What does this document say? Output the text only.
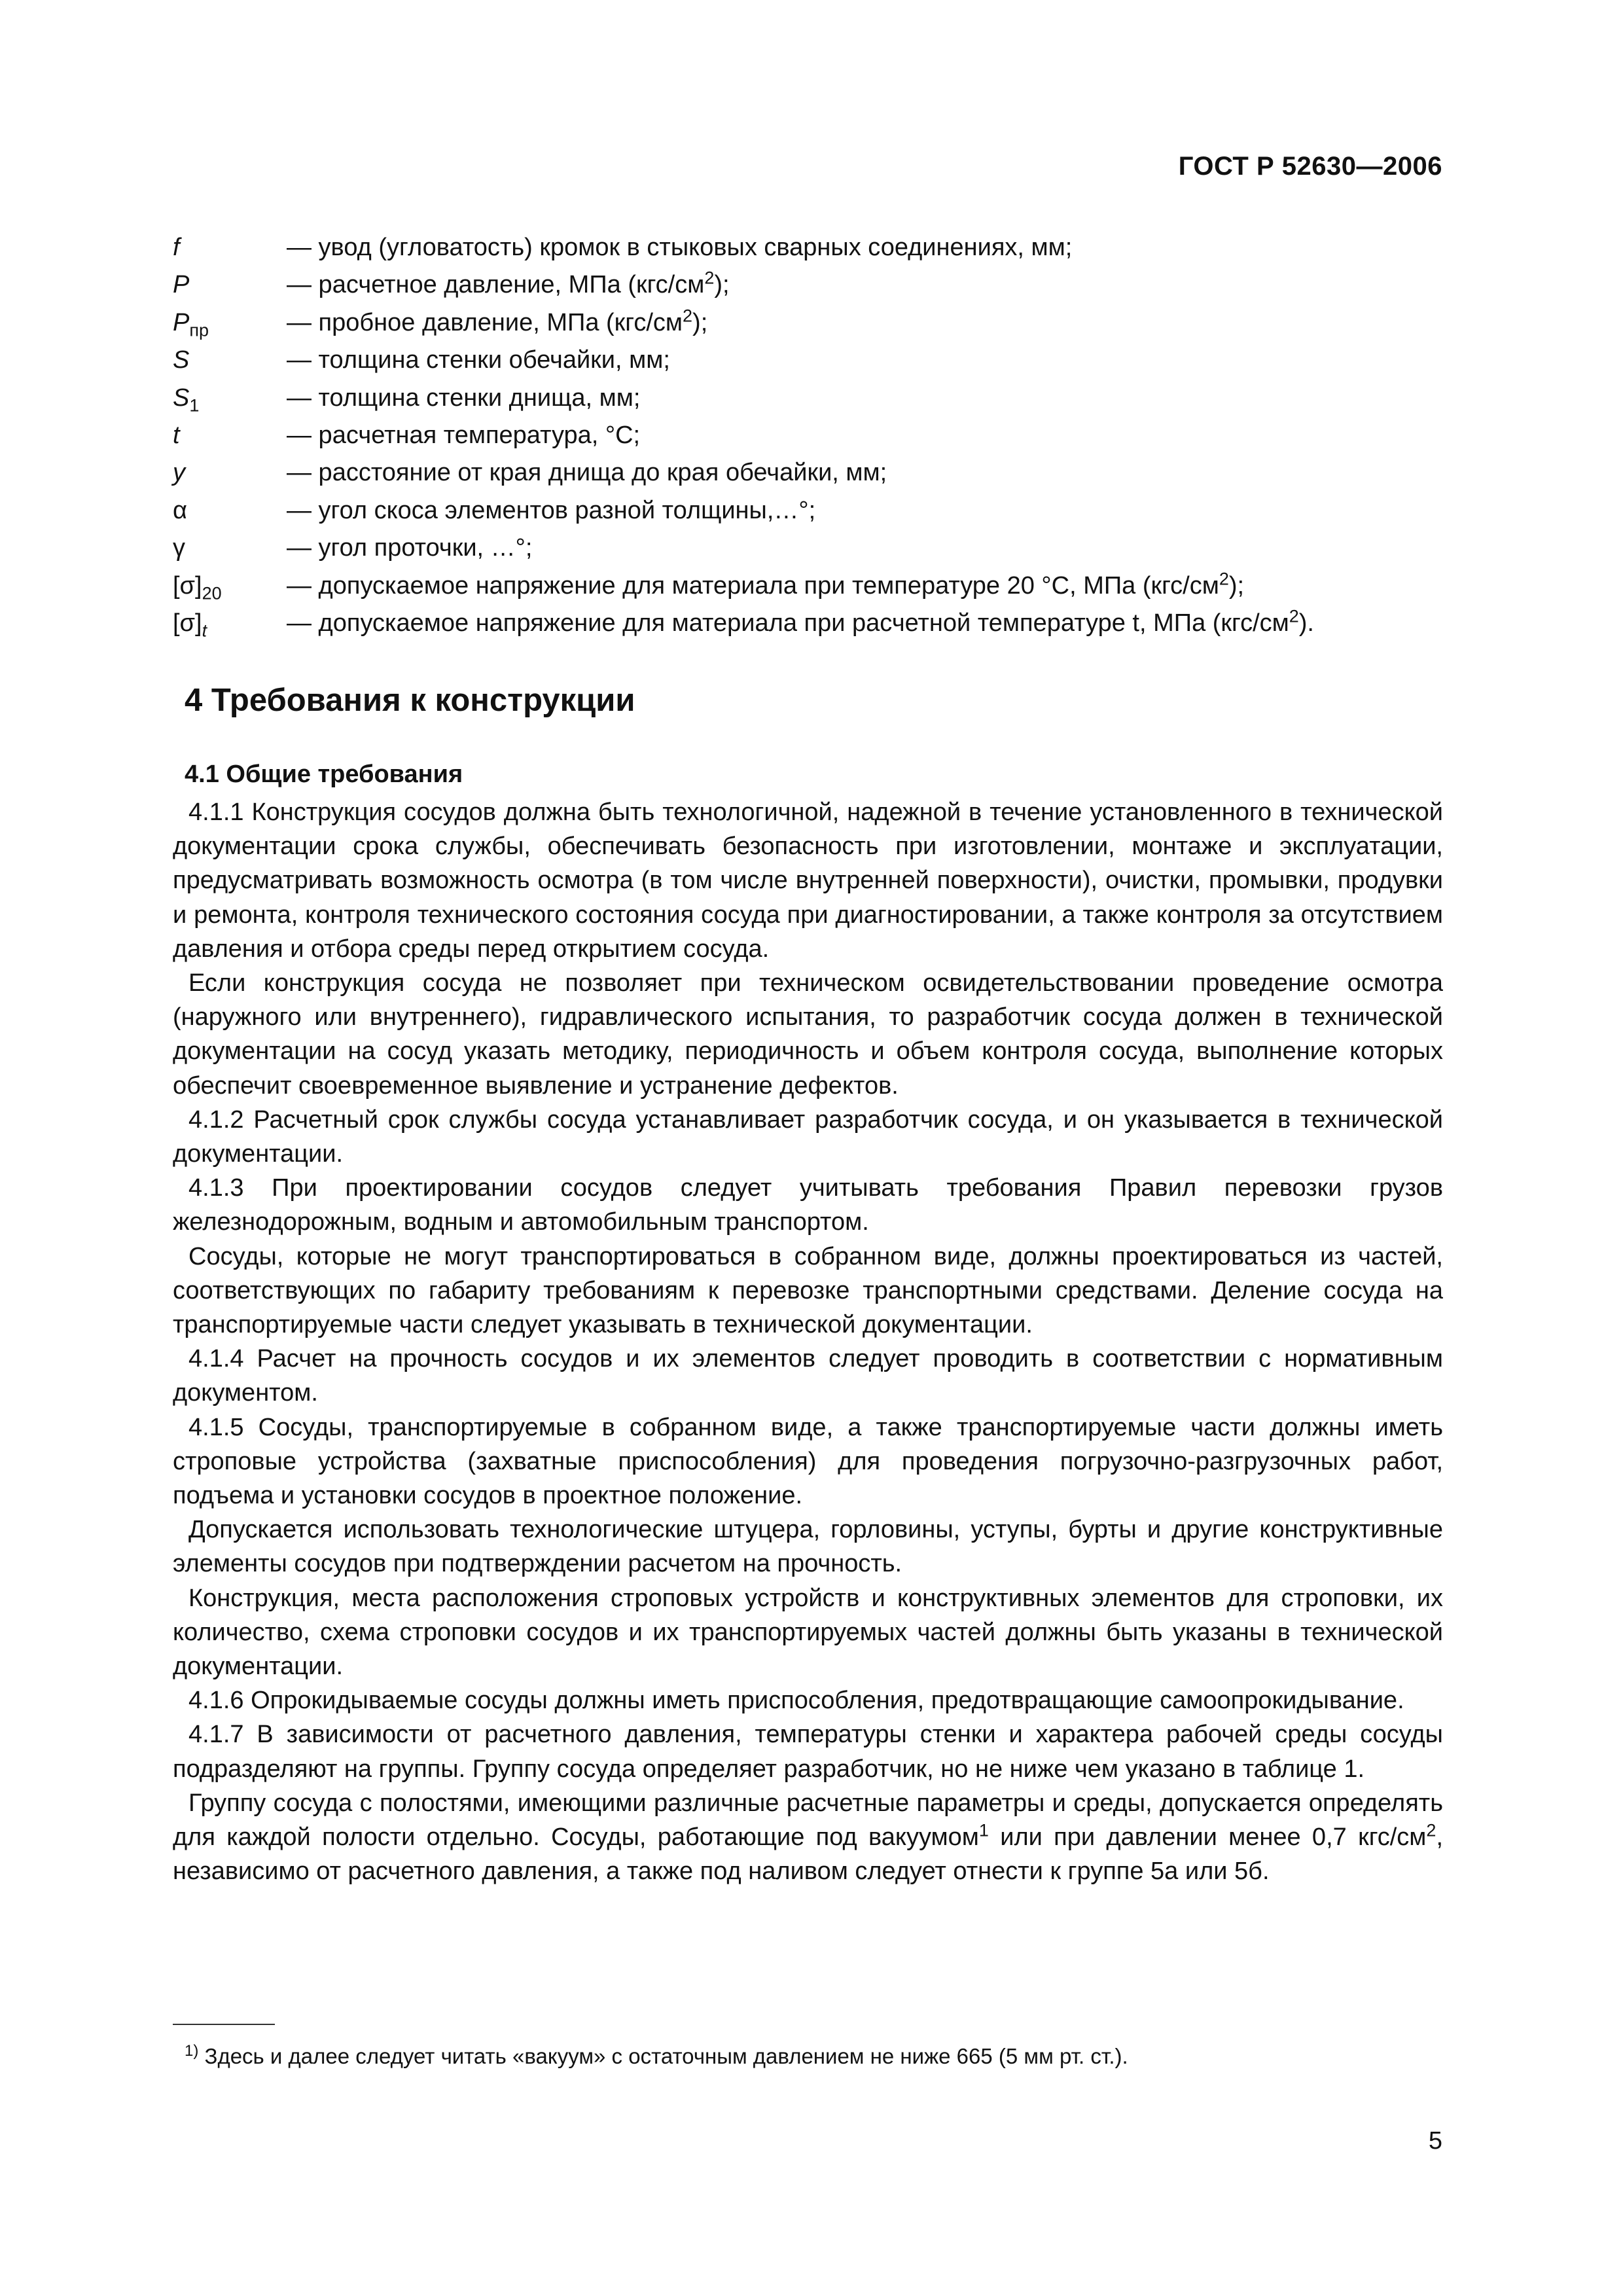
ГОСТ Р 52630—2006
f	— увод (угловатость) кромок в стыковых сварных соединениях, мм;
P	— расчетное давление, МПа $(кгс/см^2)$;
$P_{пр}$	— пробное давление, МПа $(кгс/см^2)$;
S	— толщина стенки обечайки, мм;
$S_1$	— толщина стенки днища, мм;
t	— расчетная температура, °С;
y	— расстояние от края днища до края обечайки, мм;
α	— угол скоса элементов разной толщины,…°;
γ	— угол проточки, …°;
$[\sigma]_{20}$	— допускаемое напряжение для материала при температуре 20 °С, МПа $(кгс/см^2)$;
$[\sigma]_t$	— допускаемое напряжение для материала при расчетной температуре t, МПа $(кгс/см^2)$.
4 Требования к конструкции
4.1 Общие требования

4.1.1 Конструкция сосудов должна быть технологичной, надежной в течение установленного в технической документации срока службы, обеспечивать безопасность при изготовлении, монтаже и эксплуатации, предусматривать возможность осмотра (в том числе внутренней поверхности), очистки, промывки, продувки и ремонта, контроля технического состояния сосуда при диагностировании, а также контроля за отсутствием давления и отбора среды перед открытием сосуда.

Если конструкция сосуда не позволяет при техническом освидетельствовании проведение осмотра (наружного или внутреннего), гидравлического испытания, то разработчик сосуда должен в технической документации на сосуд указать методику, периодичность и объем контроля сосуда, выполнение которых обеспечит своевременное выявление и устранение дефектов.

4.1.2 Расчетный срок службы сосуда устанавливает разработчик сосуда, и он указывается в технической документации.

4.1.3 При проектировании сосудов следует учитывать требования Правил перевозки грузов железнодорожным, водным и автомобильным транспортом.

Сосуды, которые не могут транспортироваться в собранном виде, должны проектироваться из частей, соответствующих по габариту требованиям к перевозке транспортными средствами. Деление сосуда на транспортируемые части следует указывать в технической документации.

4.1.4 Расчет на прочность сосудов и их элементов следует проводить в соответствии с нормативным документом.

4.1.5 Сосуды, транспортируемые в собранном виде, а также транспортируемые части должны иметь строповые устройства (захватные приспособления) для проведения погрузочно-разгрузочных работ, подъема и установки сосудов в проектное положение.

Допускается использовать технологические штуцера, горловины, уступы, бурты и другие конструктивные элементы сосудов при подтверждении расчетом на прочность.

Конструкция, места расположения строповых устройств и конструктивных элементов для строповки, их количество, схема строповки сосудов и их транспортируемых частей должны быть указаны в технической документации.

4.1.6 Опрокидываемые сосуды должны иметь приспособления, предотвращающие самоопрокидывание.

4.1.7 В зависимости от расчетного давления, температуры стенки и характера рабочей среды сосуды подразделяют на группы. Группу сосуда определяет разработчик, но не ниже чем указано в таблице 1.

Группу сосуда с полостями, имеющими различные расчетные параметры и среды, допускается определять для каждой полости отдельно. Сосуды, работающие под вакуумом$^1$ или при давлении менее 0,7 кгс/$см^2$, независимо от расчетного давления, а также под наливом следует отнести к группе 5а или 5б.

$^{1)}$ Здесь и далее следует читать «вакуум» с остаточным давлением не ниже 665 (5 мм рт. ст.).
5
